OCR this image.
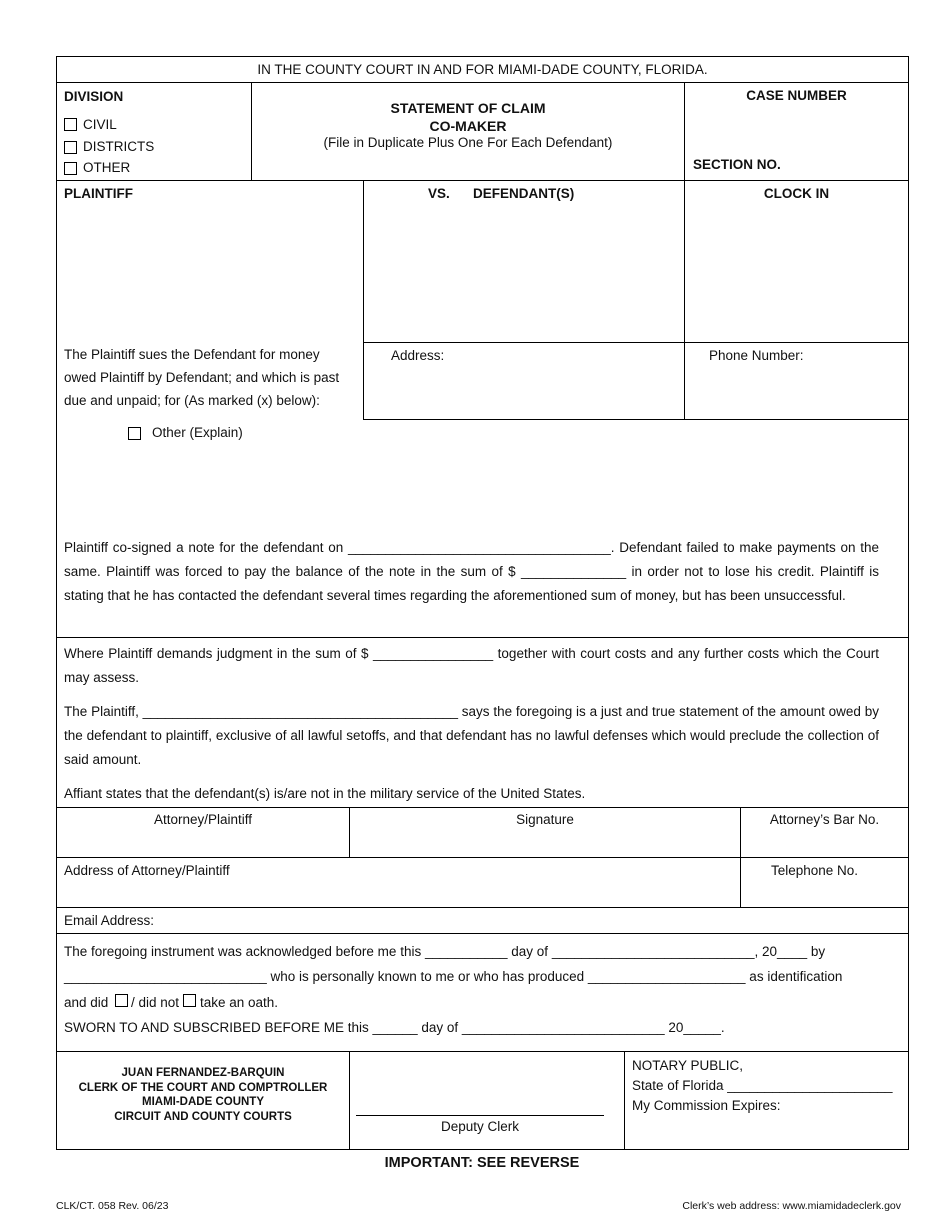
IN THE COUNTY COURT IN AND FOR MIAMI-DADE COUNTY, FLORIDA.
DIVISION
CIVIL
DISTRICTS
OTHER
STATEMENT OF CLAIM
CO-MAKER
(File in Duplicate Plus One For Each Defendant)
CASE NUMBER
SECTION NO.
PLAINTIFF	VS. DEFENDANT(S)	CLOCK IN
The Plaintiff sues the Defendant for money owed Plaintiff by Defendant; and which is past due and unpaid; for (As marked (x) below):
Address:	Phone Number:
Other (Explain)
Plaintiff co-signed a note for the defendant on ___________________________________. Defendant failed to make payments on the same. Plaintiff was forced to pay the balance of the note in the sum of $ ______________ in order not to lose his credit. Plaintiff is stating that he has contacted the defendant several times regarding the aforementioned sum of money, but has been unsuccessful.
Where Plaintiff demands judgment in the sum of $ ________________ together with court costs and any further costs which the Court may assess.
The Plaintiff, __________________________________________ says the foregoing is a just and true statement of the amount owed by the defendant to plaintiff, exclusive of all lawful setoffs, and that defendant has no lawful defenses which would preclude the collection of said amount.
Affiant states that the defendant(s) is/are not in the military service of the United States.
Attorney/Plaintiff	Signature	Attorney’s Bar No.
Address of Attorney/Plaintiff	Telephone No.
Email Address:
The foregoing instrument was acknowledged before me this ___________ day of ___________________________, 20____ by
___________________________ who is personally known to me or who has produced _____________________ as identification
and did / did not take an oath.
SWORN TO AND SUBSCRIBED BEFORE ME this ______ day of ___________________________ 20_____.
JUAN FERNANDEZ-BARQUIN
CLERK OF THE COURT AND COMPTROLLER
MIAMI-DADE COUNTY
CIRCUIT AND COUNTY COURTS
Deputy Clerk
NOTARY PUBLIC,
State of Florida ______________________
My Commission Expires:
IMPORTANT: SEE REVERSE
CLK/CT. 058 Rev. 06/23	Clerk’s web address: www.miamidadeclerk.gov
